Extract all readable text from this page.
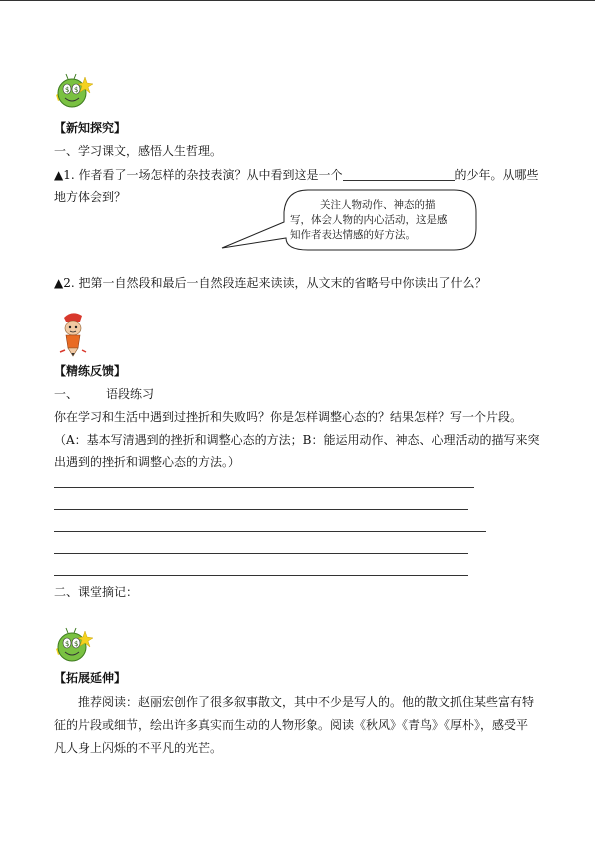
$ $
【新知探究】
一、学习课文，感悟人生哲理。
▲1. 作者看了一场怎样的杂技表演？从中看到这是一个	的少年。从哪些
地方体会到？
关注人物动作、神态的描
写，体会人物的内心活动，这是感
知作者表达情感的好方法。
▲2. 把第一自然段和最后一自然段连起来读读，从文末的省略号中你读出了什么？
【精练反馈】
一、 语段练习
你在学习和生活中遇到过挫折和失败吗？你是怎样调整心态的？结果怎样？写一个片段。
（A：基本写清遇到的挫折和调整心态的方法；B：能运用动作、神态、心理活动的描写来突
出遇到的挫折和调整心态的方法。）
二、课堂摘记：
$ $
【拓展延伸】
推荐阅读：赵丽宏创作了很多叙事散文，其中不少是写人的。他的散文抓住某些富有特
征的片段或细节，绘出许多真实而生动的人物形象。阅读《秋风》《青鸟》《厚朴》，感受平
凡人身上闪烁的不平凡的光芒。
